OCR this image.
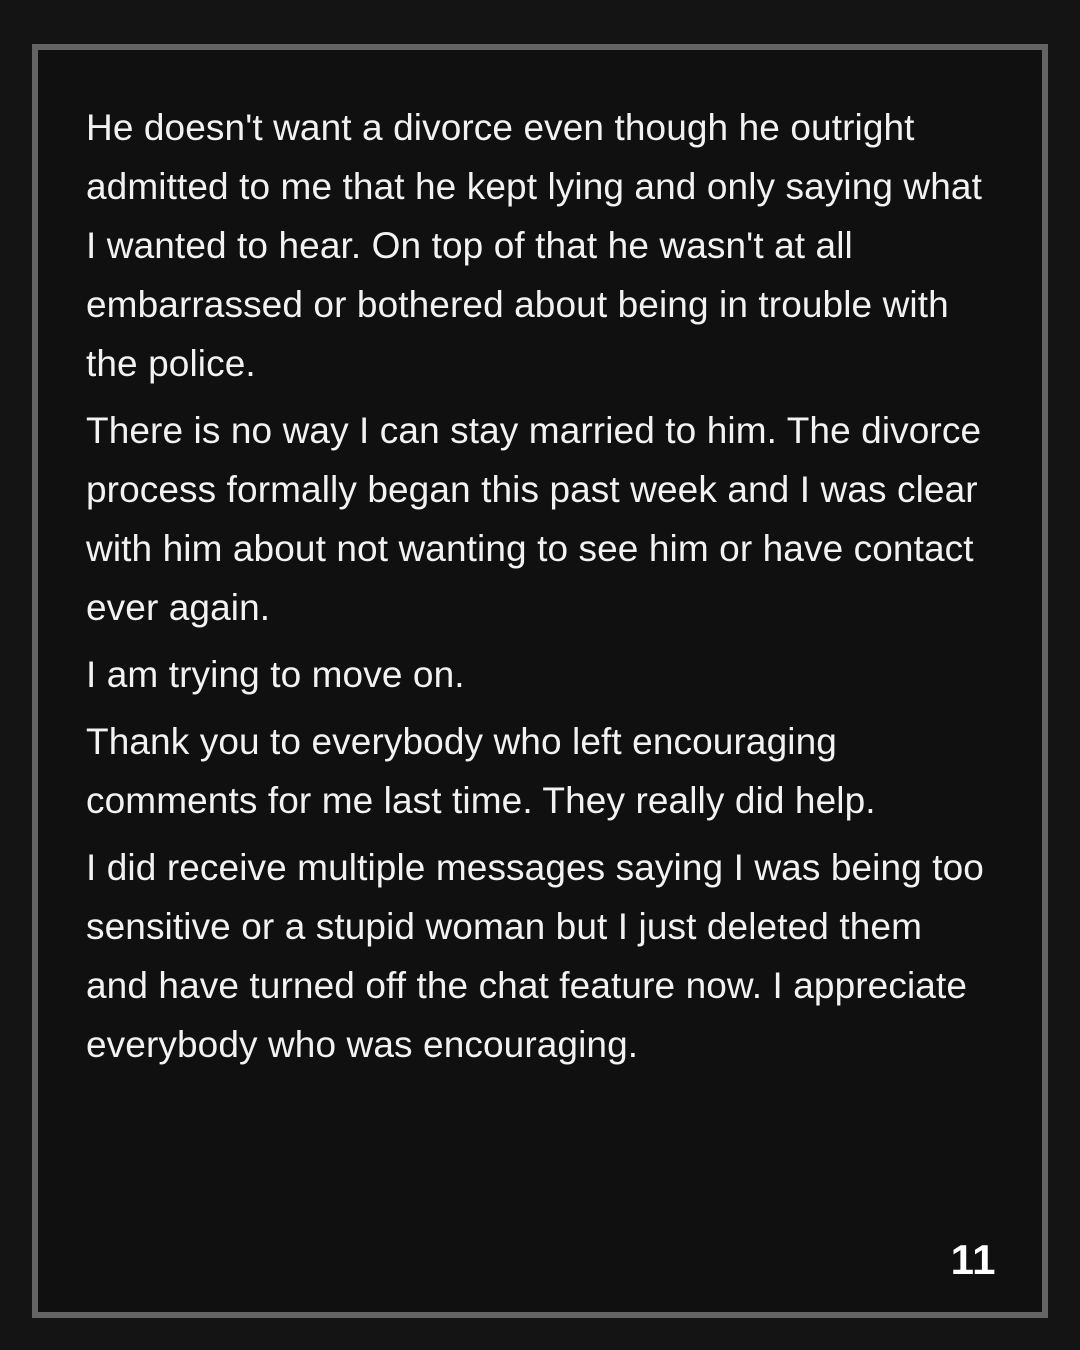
He doesn't want a divorce even though he outright admitted to me that he kept lying and only saying what I wanted to hear. On top of that he wasn't at all embarrassed or bothered about being in trouble with the police.

There is no way I can stay married to him. The divorce process formally began this past week and I was clear with him about not wanting to see him or have contact ever again.

I am trying to move on.

Thank you to everybody who left encouraging comments for me last time. They really did help.

I did receive multiple messages saying I was being too sensitive or a stupid woman but I just deleted them and have turned off the chat feature now. I appreciate everybody who was encouraging.

11
